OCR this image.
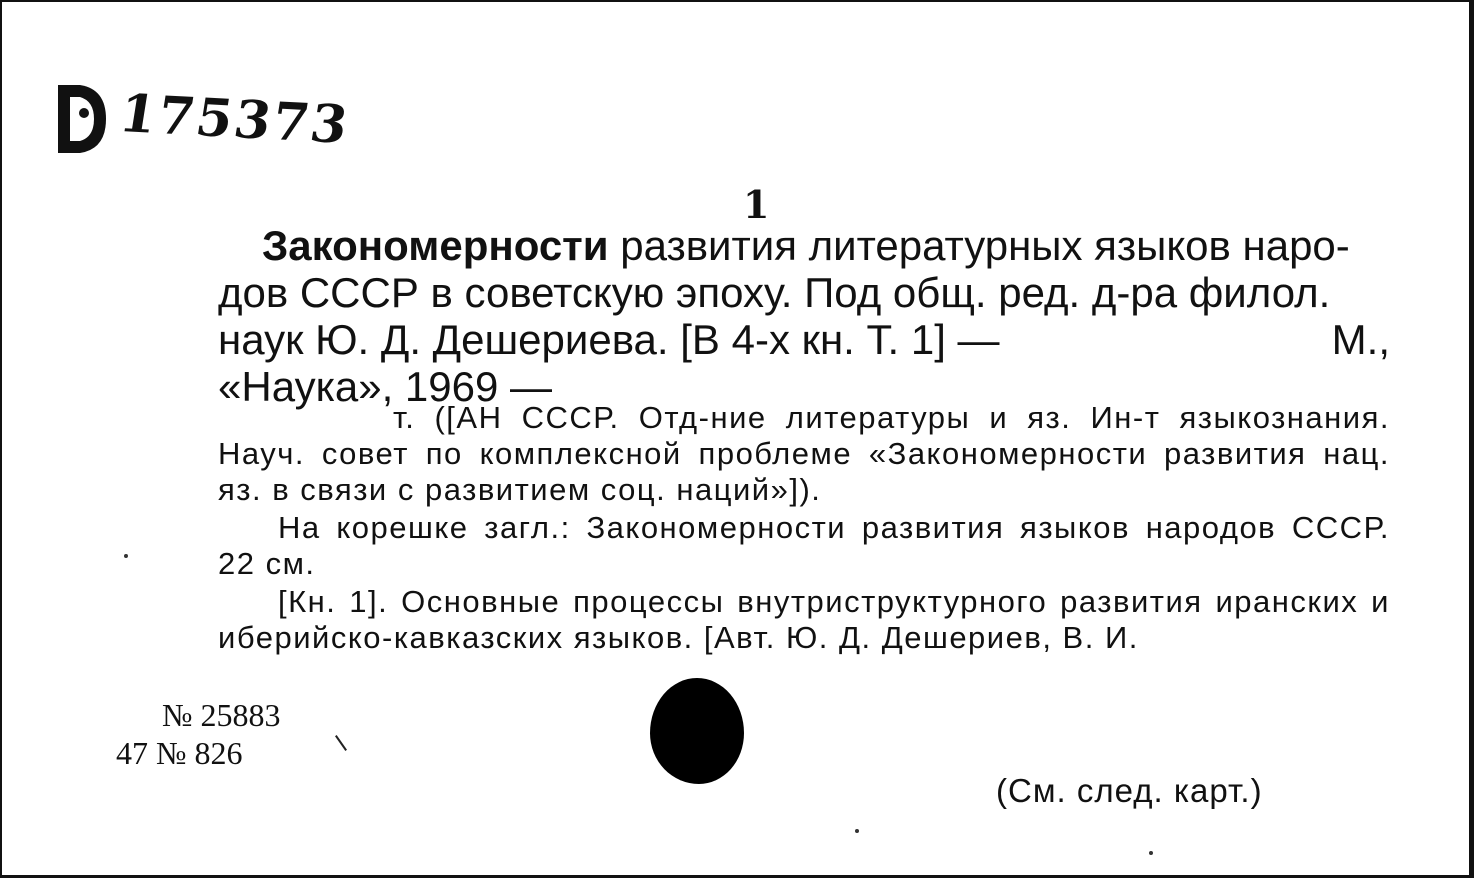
175373
1

Закономерности развития литературных языков наро-

дов СССР в советскую эпоху. Под общ. ред. д-ра филол.

наук Ю. Д. Дешериева. [В 4-х кн. Т. 1] —	М.,

«Наука», 1969 —

т. ([АН СССР. Отд-ние литературы и яз. Ин-т языкознания. Науч. совет по комплексной проблеме «Закономерности развития нац. яз. в связи с развитием соц. наций»]).

На корешке загл.: Закономерности развития языков народов СССР. 22 см.

[Кн. 1]. Основные процессы внутриструктурного развития иранских и иберийско-кавказских языков. [Авт. Ю. Д. Дешериев, В. И.

№ 25883
47 № 826
(См. след. карт.)
